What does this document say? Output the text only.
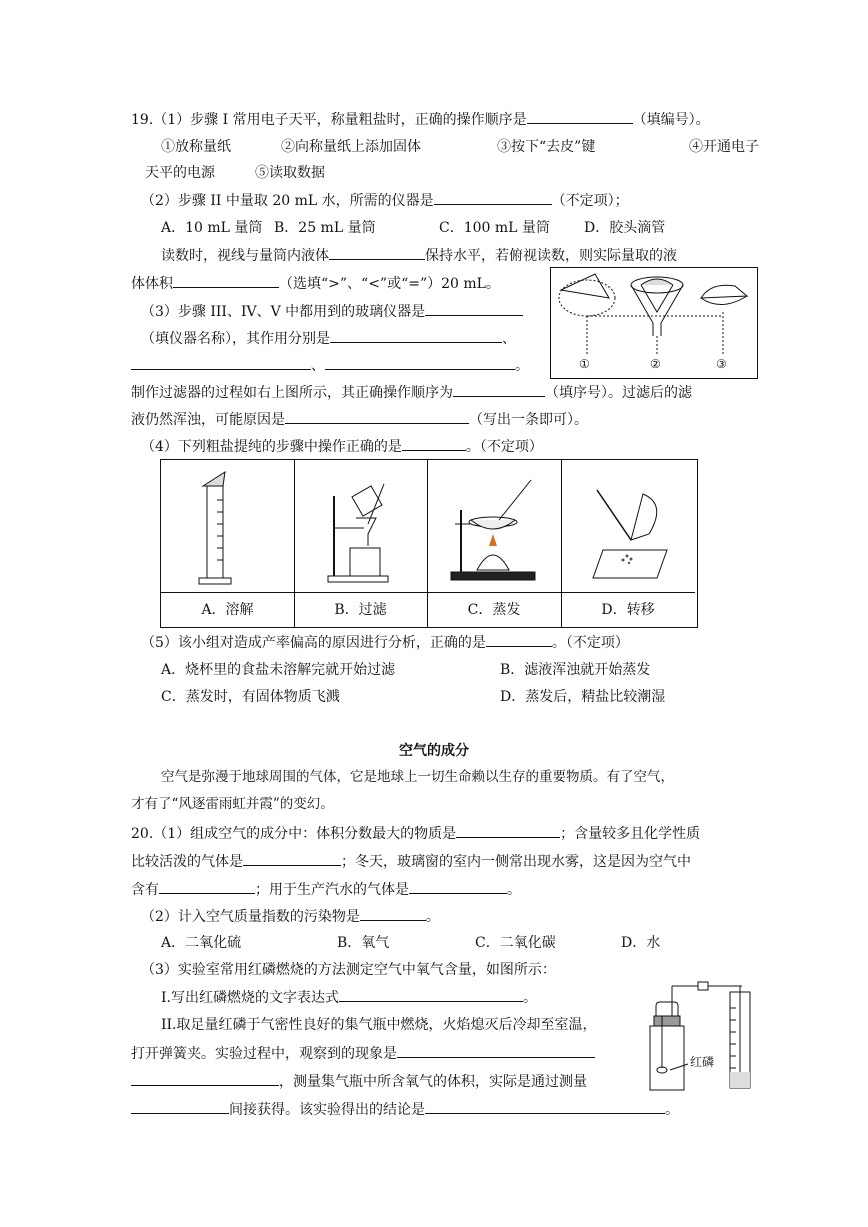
19.（1）步骤 I 常用电子天平，称量粗盐时，正确的操作顺序是	（填编号）。
①放称量纸	②向称量纸上添加固体	③按下“去皮”键	④开通电子
天平的电源	⑤读取数据
（2）步骤 II 中量取 20 mL 水，所需的仪器是	（不定项）；
A．10 mL 量筒 B．25 mL 量筒	C．100 mL 量筒 D．胶头滴管
读数时，视线与量筒内液体	保持水平，若俯视读数，则实际量取的液
体体积	（选填“>”、“<”或“=”）20 mL。
（3）步骤 III、IV、V 中都用到的玻璃仪器是
（填仪器名称），其作用分别是	、
、	。	①	②	③
制作过滤器的过程如右上图所示，其正确操作顺序为	（填序号）。过滤后的滤
液仍然浑浊，可能原因是	（写出一条即可）。
（4）下列粗盐提纯的步骤中操作正确的是	。（不定项）
A．溶解	B．过滤	C．蒸发	D．转移
（5）该小组对造成产率偏高的原因进行分析，正确的是	。（不定项）
A．烧杯里的食盐未溶解完就开始过滤	B．滤液浑浊就开始蒸发
C．蒸发时，有固体物质飞溅	D．蒸发后，精盐比较潮湿
空气的成分
空气是弥漫于地球周围的气体，它是地球上一切生命赖以生存的重要物质。有了空气，
才有了“风逐雷雨虹并霞”的变幻。
20.（1）组成空气的成分中：体积分数最大的物质是	；含量较多且化学性质
比较活泼的气体是	；冬天，玻璃窗的室内一侧常出现水雾，这是因为空气中
含有	；用于生产汽水的气体是	。
（2）计入空气质量指数的污染物是	。
A．二氧化硫	B．氧气	C．二氧化碳	D．水
（3）实验室常用红磷燃烧的方法测定空气中氧气含量，如图所示：
I.写出红磷燃烧的文字表达式	。
II.取足量红磷于气密性良好的集气瓶中燃烧，火焰熄灭后冷却至室温，
打开弹簧夹。实验过程中，观察到的现象是
，测量集气瓶中所含氧气的体积，实际是通过测量
间接获得。该实验得出的结论是	。
红磷
